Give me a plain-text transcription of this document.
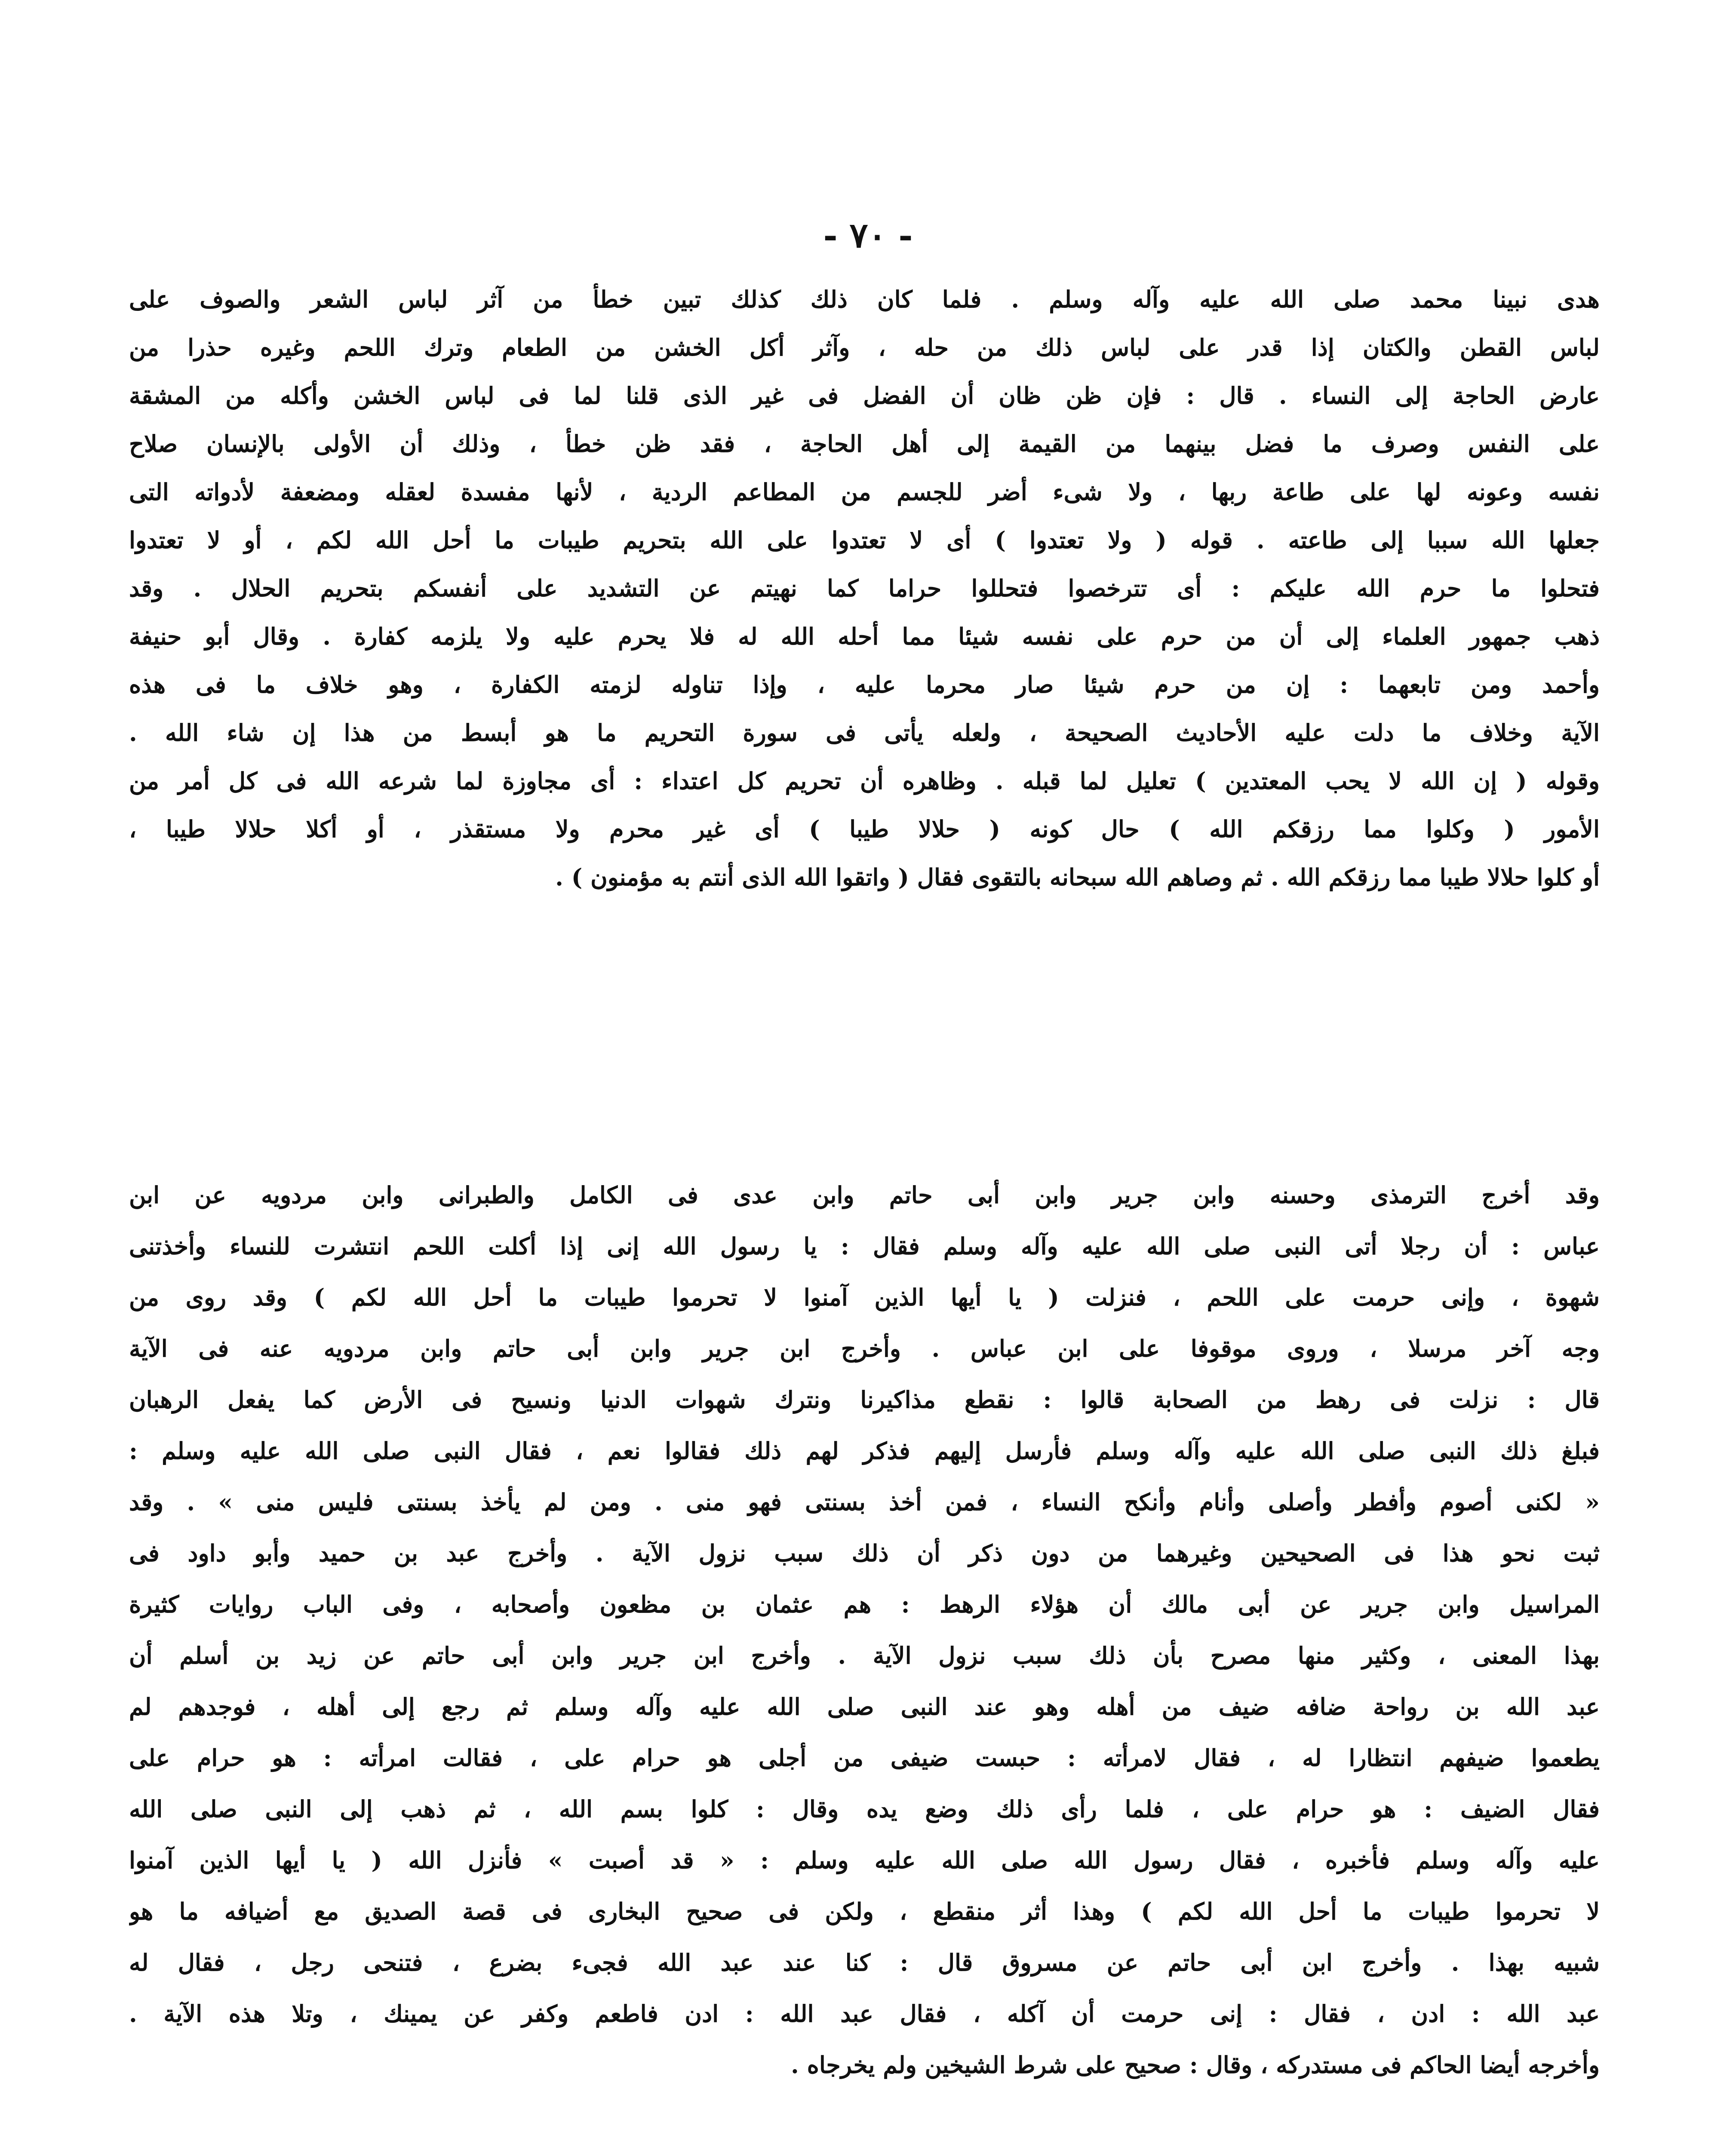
- ٧٠ -
هدى نبينا محمد صلى الله عليه وآله وسلم . فلما كان ذلك كذلك تبين خطأ من آثر لباس الشعر والصوف على
لباس القطن والكتان إذا قدر على لباس ذلك من حله ، وآثر أكل الخشن من الطعام وترك اللحم وغيره حذرا من
عارض الحاجة إلى النساء . قال : فإن ظن ظان أن الفضل فى غير الذى قلنا لما فى لباس الخشن وأكله من المشقة
على النفس وصرف ما فضل بينهما من القيمة إلى أهل الحاجة ، فقد ظن خطأ ، وذلك أن الأولى بالإنسان صلاح
نفسه وعونه لها على طاعة ربها ، ولا شىء أضر للجسم من المطاعم الردية ، لأنها مفسدة لعقله ومضعفة لأدواته التى
جعلها الله سببا إلى طاعته . قوله ( ولا تعتدوا ) أى لا تعتدوا على الله بتحريم طيبات ما أحل الله لكم ، أو لا تعتدوا
فتحلوا ما حرم الله عليكم : أى تترخصوا فتحللوا حراما كما نهيتم عن التشديد على أنفسكم بتحريم الحلال . وقد
ذهب جمهور العلماء إلى أن من حرم على نفسه شيئا مما أحله الله له فلا يحرم عليه ولا يلزمه كفارة . وقال أبو حنيفة
وأحمد ومن تابعهما : إن من حرم شيئا صار محرما عليه ، وإذا تناوله لزمته الكفارة ، وهو خلاف ما فى هذه
الآية وخلاف ما دلت عليه الأحاديث الصحيحة ، ولعله يأتى فى سورة التحريم ما هو أبسط من هذا إن شاء الله .
وقوله ( إن الله لا يحب المعتدين ) تعليل لما قبله . وظاهره أن تحريم كل اعتداء : أى مجاوزة لما شرعه الله فى كل أمر من
الأمور ( وكلوا مما رزقكم الله ) حال كونه ( حلالا طيبا ) أى غير محرم ولا مستقذر ، أو أكلا حلالا طيبا ،
أو كلوا حلالا طيبا مما رزقكم الله . ثم وصاهم الله سبحانه بالتقوى فقال ( واتقوا الله الذى أنتم به مؤمنون ) .
وقد أخرج الترمذى وحسنه وابن جرير وابن أبى حاتم وابن عدى فى الكامل والطبرانى وابن مردويه عن ابن
عباس : أن رجلا أتى النبى صلى الله عليه وآله وسلم فقال : يا رسول الله إنى إذا أكلت اللحم انتشرت للنساء وأخذتنى
شهوة ، وإنى حرمت على اللحم ، فنزلت ( يا أيها الذين آمنوا لا تحرموا طيبات ما أحل الله لكم ) وقد روى من
وجه آخر مرسلا ، وروى موقوفا على ابن عباس . وأخرج ابن جرير وابن أبى حاتم وابن مردويه عنه فى الآية
قال : نزلت فى رهط من الصحابة قالوا : نقطع مذاكيرنا ونترك شهوات الدنيا ونسيح فى الأرض كما يفعل الرهبان
فبلغ ذلك النبى صلى الله عليه وآله وسلم فأرسل إليهم فذكر لهم ذلك فقالوا نعم ، فقال النبى صلى الله عليه وسلم :
« لكنى أصوم وأفطر وأصلى وأنام وأنكح النساء ، فمن أخذ بسنتى فهو منى . ومن لم يأخذ بسنتى فليس منى » . وقد
ثبت نحو هذا فى الصحيحين وغيرهما من دون ذكر أن ذلك سبب نزول الآية . وأخرج عبد بن حميد وأبو داود فى
المراسيل وابن جرير عن أبى مالك أن هؤلاء الرهط : هم عثمان بن مظعون وأصحابه ، وفى الباب روايات كثيرة
بهذا المعنى ، وكثير منها مصرح بأن ذلك سبب نزول الآية . وأخرج ابن جرير وابن أبى حاتم عن زيد بن أسلم أن
عبد الله بن رواحة ضافه ضيف من أهله وهو عند النبى صلى الله عليه وآله وسلم ثم رجع إلى أهله ، فوجدهم لم
يطعموا ضيفهم انتظارا له ، فقال لامرأته : حبست ضيفى من أجلى هو حرام على ، فقالت امرأته : هو حرام على
فقال الضيف : هو حرام على ، فلما رأى ذلك وضع يده وقال : كلوا بسم الله ، ثم ذهب إلى النبى صلى الله
عليه وآله وسلم فأخبره ، فقال رسول الله صلى الله عليه وسلم : « قد أصبت » فأنزل الله ( يا أيها الذين آمنوا
لا تحرموا طيبات ما أحل الله لكم ) وهذا أثر منقطع ، ولكن فى صحيح البخارى فى قصة الصديق مع أضيافه ما هو
شبيه بهذا . وأخرج ابن أبى حاتم عن مسروق قال : كنا عند عبد الله فجىء بضرع ، فتنحى رجل ، فقال له
عبد الله : ادن ، فقال : إنى حرمت أن آكله ، فقال عبد الله : ادن فاطعم وكفر عن يمينك ، وتلا هذه الآية .
وأخرجه أيضا الحاكم فى مستدركه ، وقال : صحيح على شرط الشيخين ولم يخرجاه .
